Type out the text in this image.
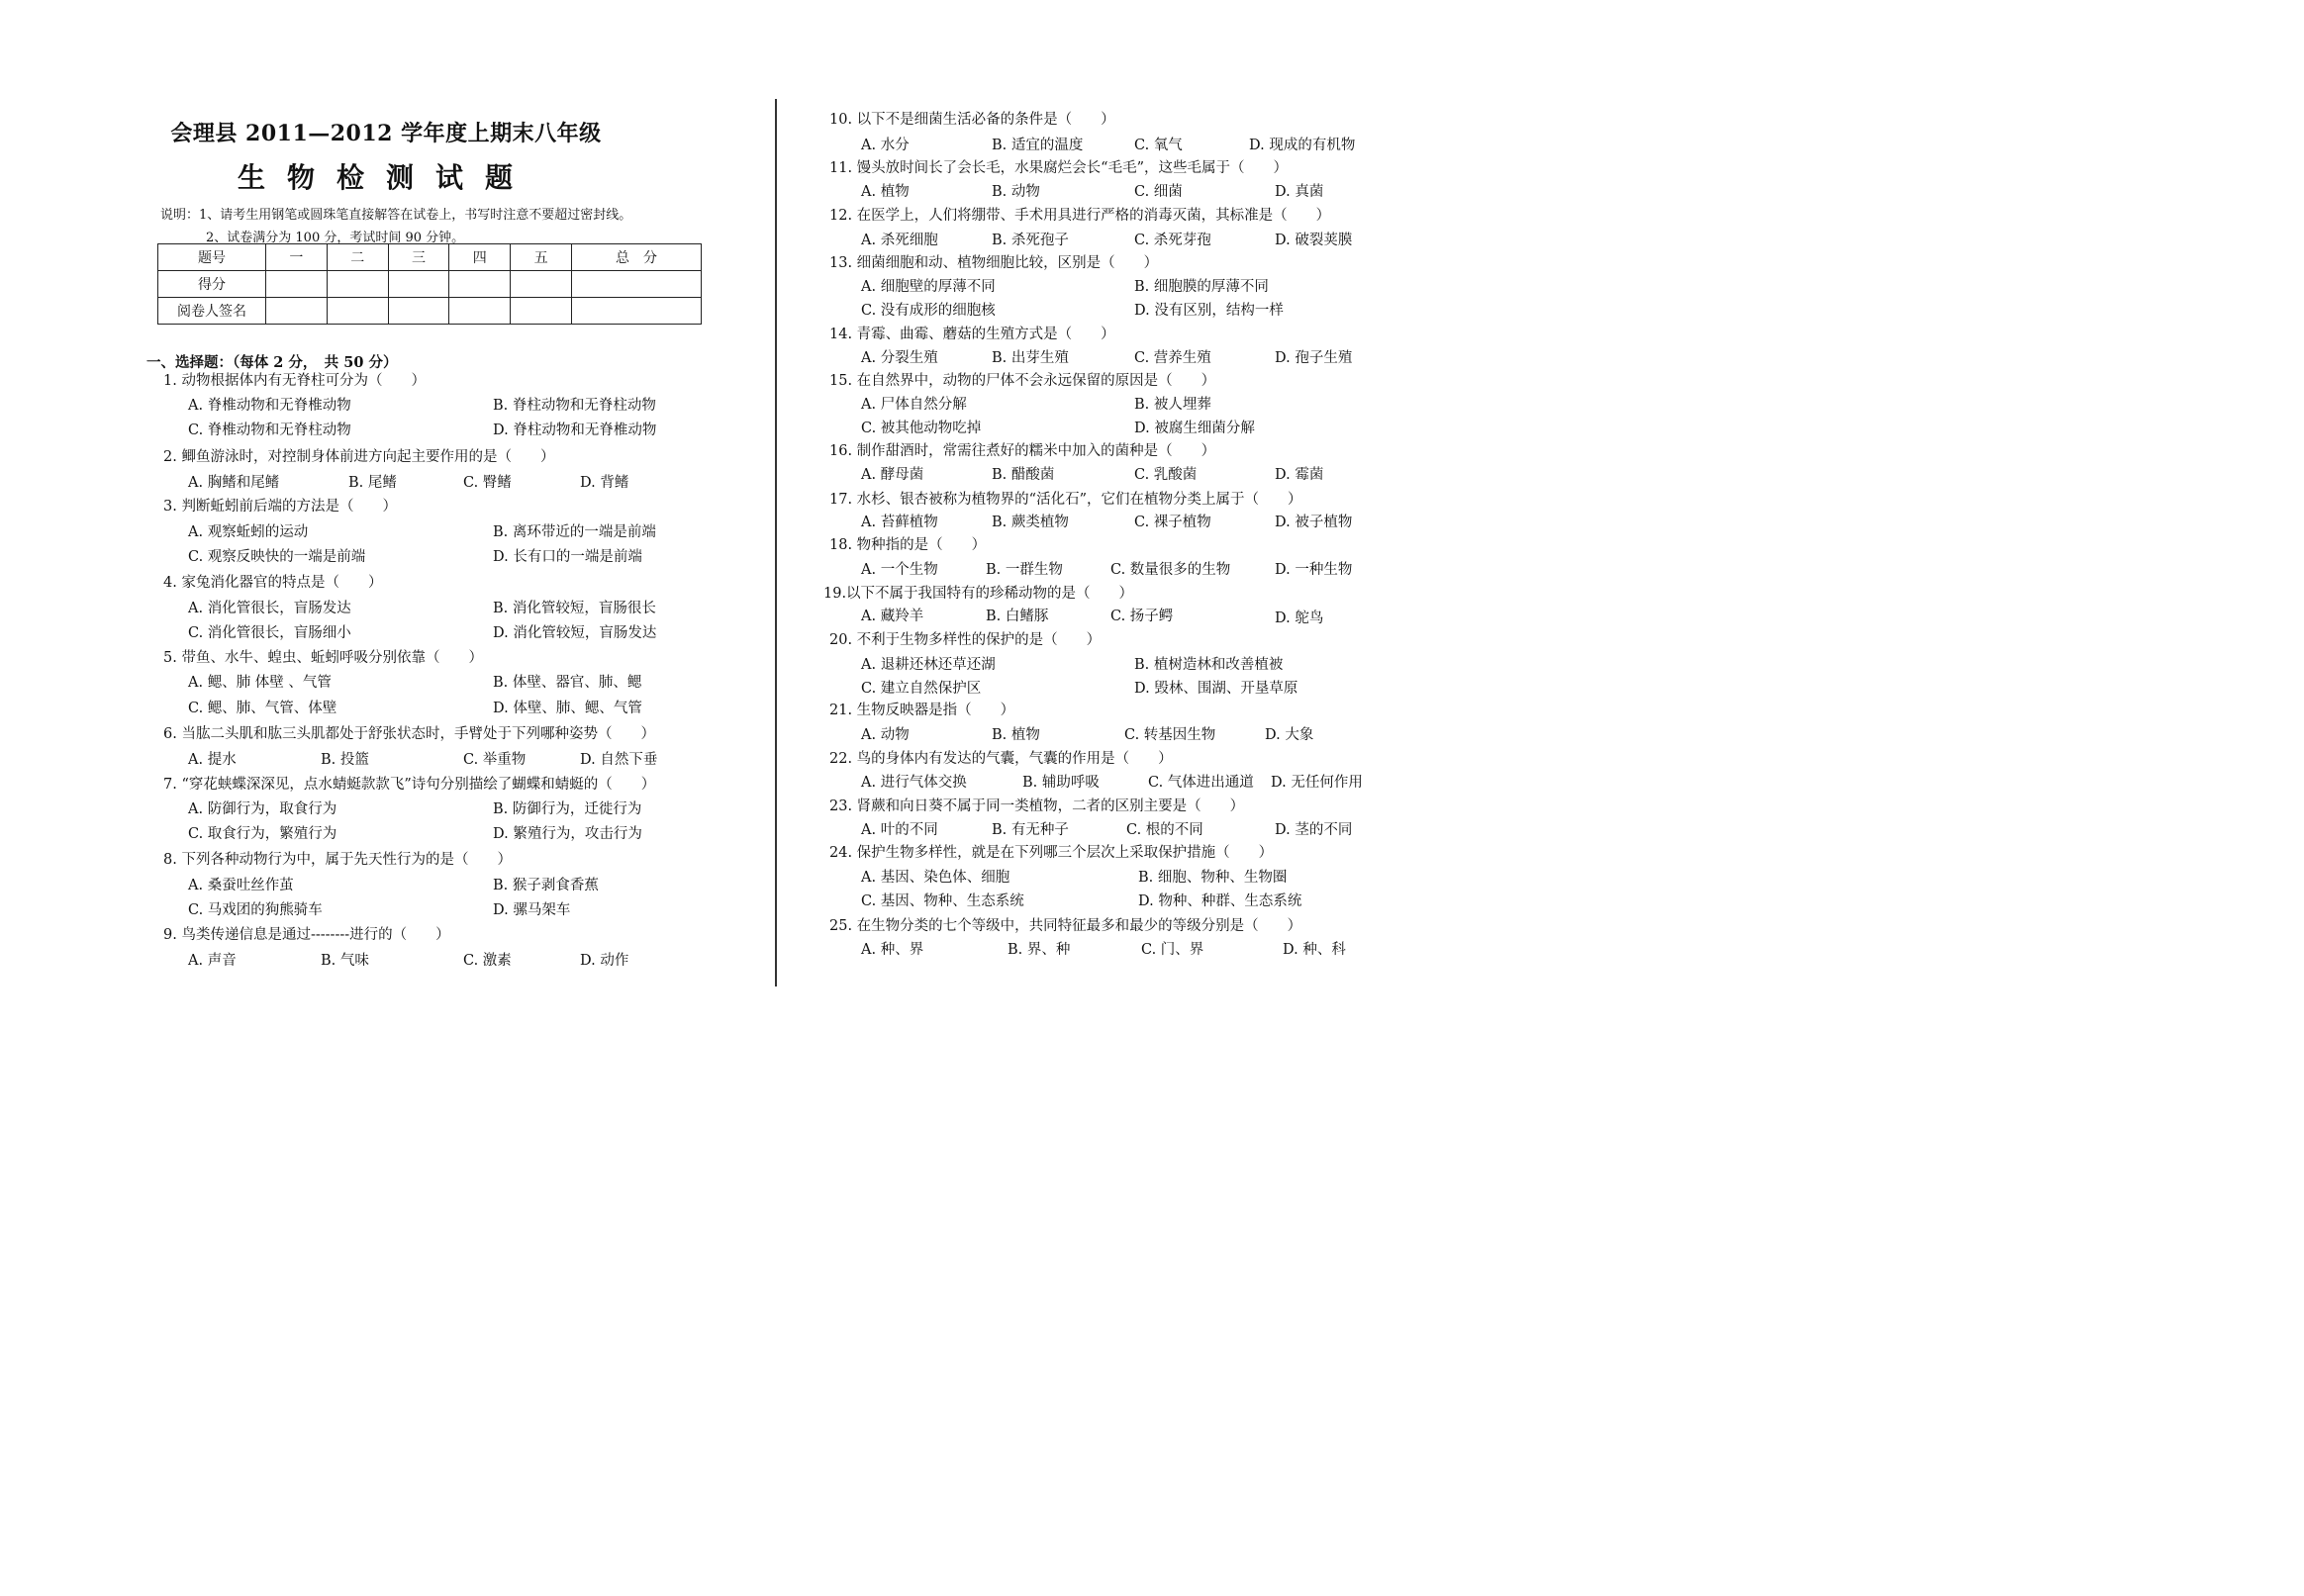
会理县 2011—2012 学年度上期末八年级
生物检测试题
说明：1、请考生用钢笔或圆珠笔直接解答在试卷上，书写时注意不要超过密封线。
2、试卷满分为 100 分，考试时间 90 分钟。
题号	一	二	三	四	五	总　分
得分						
阅卷人签名						
一、选择题：（每体 2 分，　共 50 分）
1. 动物根据体内有无脊柱可分为（　　）
A. 脊椎动物和无脊椎动物	B. 脊柱动物和无脊柱动物
C. 脊椎动物和无脊柱动物	D. 脊柱动物和无脊椎动物
2. 鲫鱼游泳时，对控制身体前进方向起主要作用的是（　　）
A. 胸鳍和尾鳍	B. 尾鳍	C. 臀鳍	D. 背鳍
3. 判断蚯蚓前后端的方法是（　　）
A. 观察蚯蚓的运动	B. 离环带近的一端是前端
C. 观察反映快的一端是前端	D. 长有口的一端是前端
4. 家兔消化器官的特点是（　　）
A. 消化管很长，盲肠发达	B. 消化管较短，盲肠很长
C. 消化管很长，盲肠细小	D. 消化管较短，盲肠发达
5. 带鱼、水牛、蝗虫、蚯蚓呼吸分别依靠（　　）
A. 鳃、肺 体壁 、气管	B. 体壁、器官、肺、鳃
C. 鳃、肺、气管、体壁	D. 体壁、肺、鳃、气管
6. 当肱二头肌和肱三头肌都处于舒张状态时，手臂处于下列哪种姿势（　　）
A. 提水	B. 投篮	C. 举重物	D. 自然下垂
7. “穿花蛱蝶深深见，点水蜻蜓款款飞”诗句分别描绘了蝴蝶和蜻蜓的（　　）
A. 防御行为，取食行为	B. 防御行为，迁徙行为
C. 取食行为，繁殖行为	D. 繁殖行为，攻击行为
8. 下列各种动物行为中，属于先天性行为的是（　　）
A. 桑蚕吐丝作茧	B. 猴子剥食香蕉
C. 马戏团的狗熊骑车	D. 骡马架车
9. 鸟类传递信息是通过--------进行的（　　）
A. 声音	B. 气味	C. 激素	D. 动作
10. 以下不是细菌生活必备的条件是（　　）
A. 水分	B. 适宜的温度	C. 氧气	D. 现成的有机物
11. 馒头放时间长了会长毛，水果腐烂会长“毛毛”，这些毛属于（　　）
A. 植物	B. 动物	C. 细菌	D. 真菌
12. 在医学上，人们将绷带、手术用具进行严格的消毒灭菌，其标准是（　　）
A. 杀死细胞	B. 杀死孢子	C. 杀死芽孢	D. 破裂荚膜
13. 细菌细胞和动、植物细胞比较，区别是（　　）
A. 细胞壁的厚薄不同	B. 细胞膜的厚薄不同
C. 没有成形的细胞核	D. 没有区别，结构一样
14. 青霉、曲霉、蘑菇的生殖方式是（　　）
A. 分裂生殖	B. 出芽生殖	C. 营养生殖	D. 孢子生殖
15. 在自然界中，动物的尸体不会永远保留的原因是（　　）
A. 尸体自然分解	B. 被人埋葬
C. 被其他动物吃掉	D. 被腐生细菌分解
16. 制作甜酒时，常需往煮好的糯米中加入的菌种是（　　）
A. 酵母菌	B. 醋酸菌	C. 乳酸菌	D. 霉菌
17. 水杉、银杏被称为植物界的“活化石”，它们在植物分类上属于（　　）
A. 苔藓植物	B. 蕨类植物	C. 裸子植物	D. 被子植物
18. 物种指的是（　　）
A. 一个生物	B. 一群生物	C. 数量很多的生物	D. 一种生物
19.以下不属于我国特有的珍稀动物的是（　　）
A. 藏羚羊	B. 白鳍豚	C. 扬子鳄	D. 鸵鸟
20. 不利于生物多样性的保护的是（　　）
A. 退耕还林还草还湖	B. 植树造林和改善植被
C. 建立自然保护区	D. 毁林、围湖、开垦草原
21. 生物反映器是指（　　）
A. 动物	B. 植物	C. 转基因生物	D. 大象
22. 鸟的身体内有发达的气囊，气囊的作用是（　　）
A. 进行气体交换	B. 辅助呼吸	C. 气体进出通道 D. 无任何作用
23. 肾蕨和向日葵不属于同一类植物，二者的区别主要是（　　）
A. 叶的不同	B. 有无种子	C. 根的不同	D. 茎的不同
24. 保护生物多样性，就是在下列哪三个层次上采取保护措施（　　）
A. 基因、染色体、细胞	B. 细胞、物种、生物圈
C. 基因、物种、生态系统	D. 物种、种群、生态系统
25. 在生物分类的七个等级中，共同特征最多和最少的等级分别是（　　）
A. 种、界	B. 界、种	C. 门、界	D. 种、科
